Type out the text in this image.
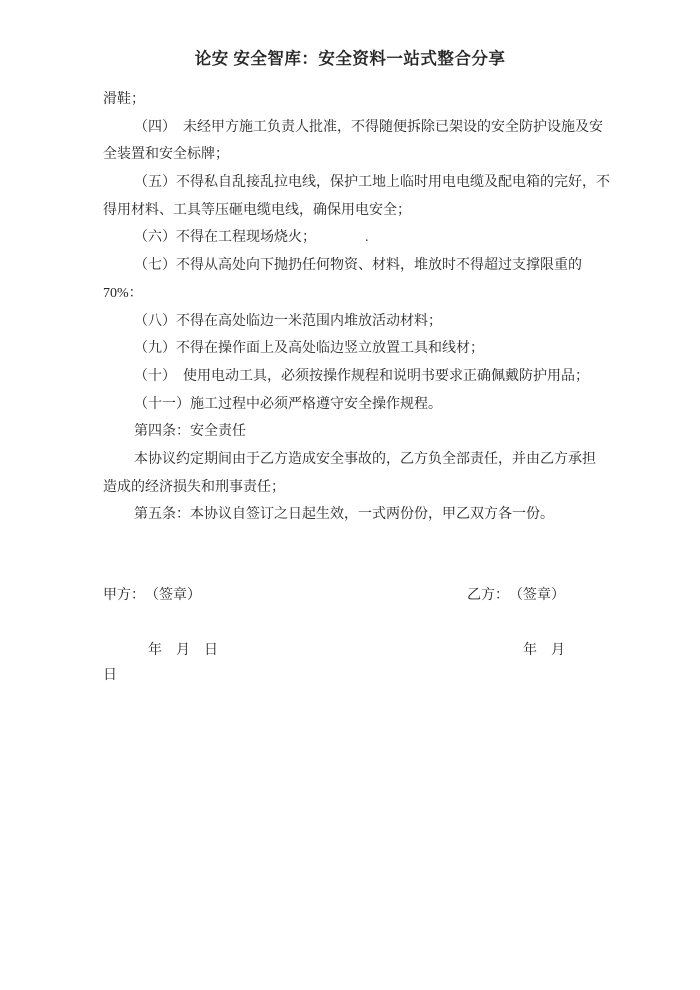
论安 安全智库：安全资料一站式整合分享
滑鞋；
（四）　未经甲方施工负责人批准，不得随便拆除已架设的安全防护设施及安
全装置和安全标牌；
（五）不得私自乱接乱拉电线，保护工地上临时用电电缆及配电箱的完好，不
得用材料、工具等压砸电缆电线，确保用电安全；
（六）不得在工程现场烧火；　　　　.
（七）不得从高处向下抛扔任何物资、材料，堆放时不得超过支撑限重的
70%：
（八）不得在高处临边一米范围内堆放活动材料；
（九）不得在操作面上及高处临边竖立放置工具和线材；
（十）　使用电动工具，必须按操作规程和说明书要求正确佩戴防护用品；
（十一）施工过程中必须严格遵守安全操作规程。
第四条：安全责任
本协议约定期间由于乙方造成安全事故的，乙方负全部责任，并由乙方承担
造成的经济损失和刑事责任；
第五条：本协议自签订之日起生效，一式两份份，甲乙双方各一份。
甲方：　（签章）	乙方：　（签章）
年　月　日	年　月
日
